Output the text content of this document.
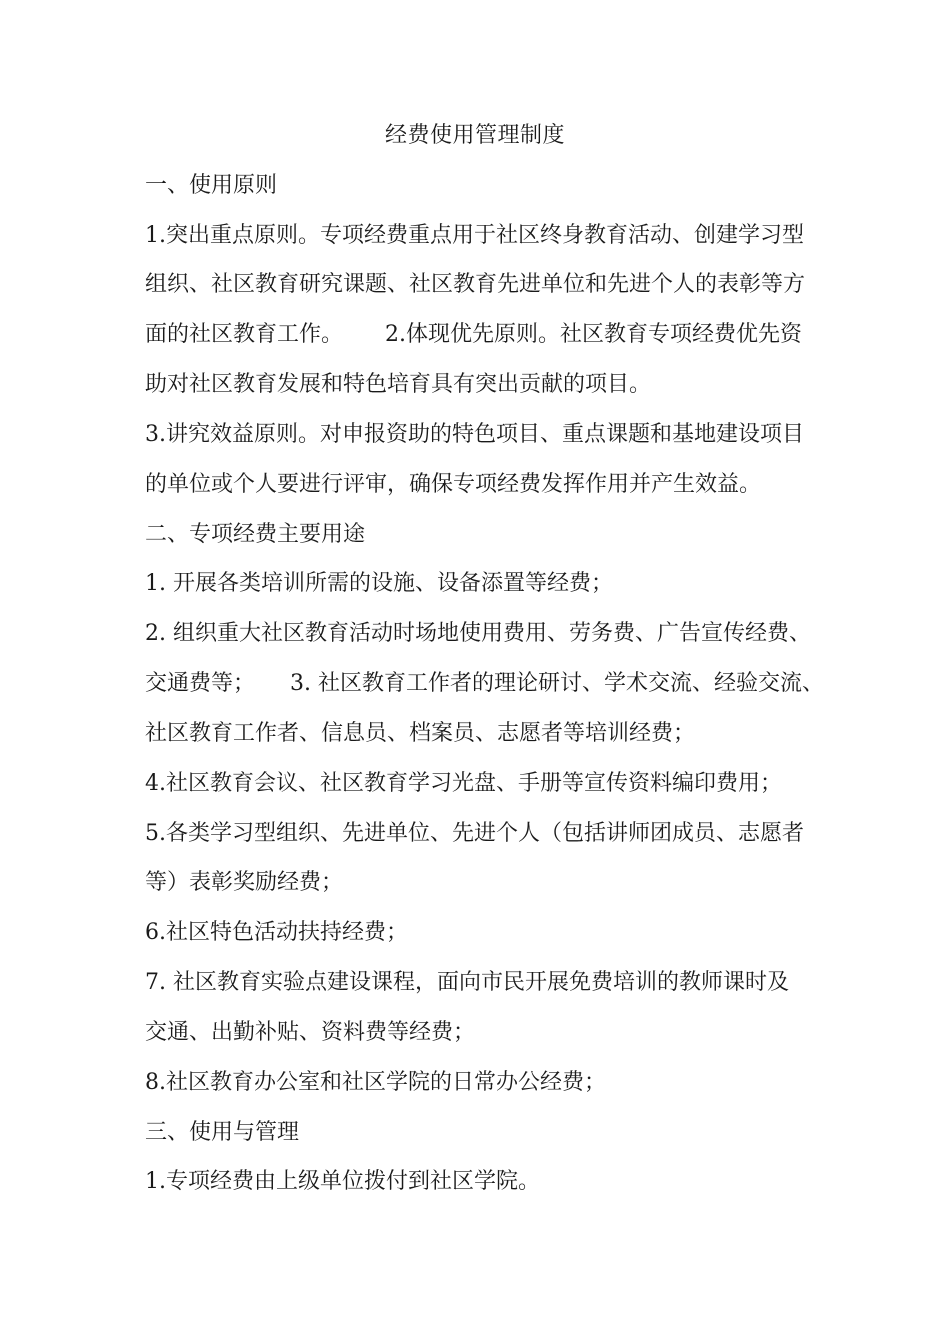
经费使用管理制度
一、使用原则
1.突出重点原则。专项经费重点用于社区终身教育活动、创建学习型
组织、社区教育研究课题、社区教育先进单位和先进个人的表彰等方
面的社区教育工作。      2.体现优先原则。社区教育专项经费优先资
助对社区教育发展和特色培育具有突出贡献的项目。
3.讲究效益原则。对申报资助的特色项目、重点课题和基地建设项目
的单位或个人要进行评审，确保专项经费发挥作用并产生效益。
二、专项经费主要用途
1. 开展各类培训所需的设施、设备添置等经费；
2. 组织重大社区教育活动时场地使用费用、劳务费、广告宣传经费、
交通费等；     3. 社区教育工作者的理论研讨、学术交流、经验交流、
社区教育工作者、信息员、档案员、志愿者等培训经费；
4.社区教育会议、社区教育学习光盘、手册等宣传资料编印费用；
5.各类学习型组织、先进单位、先进个人（包括讲师团成员、志愿者
等）表彰奖励经费；
6.社区特色活动扶持经费；
7. 社区教育实验点建设课程，面向市民开展免费培训的教师课时及
交通、出勤补贴、资料费等经费；
8.社区教育办公室和社区学院的日常办公经费；
三、使用与管理
1.专项经费由上级单位拨付到社区学院。
